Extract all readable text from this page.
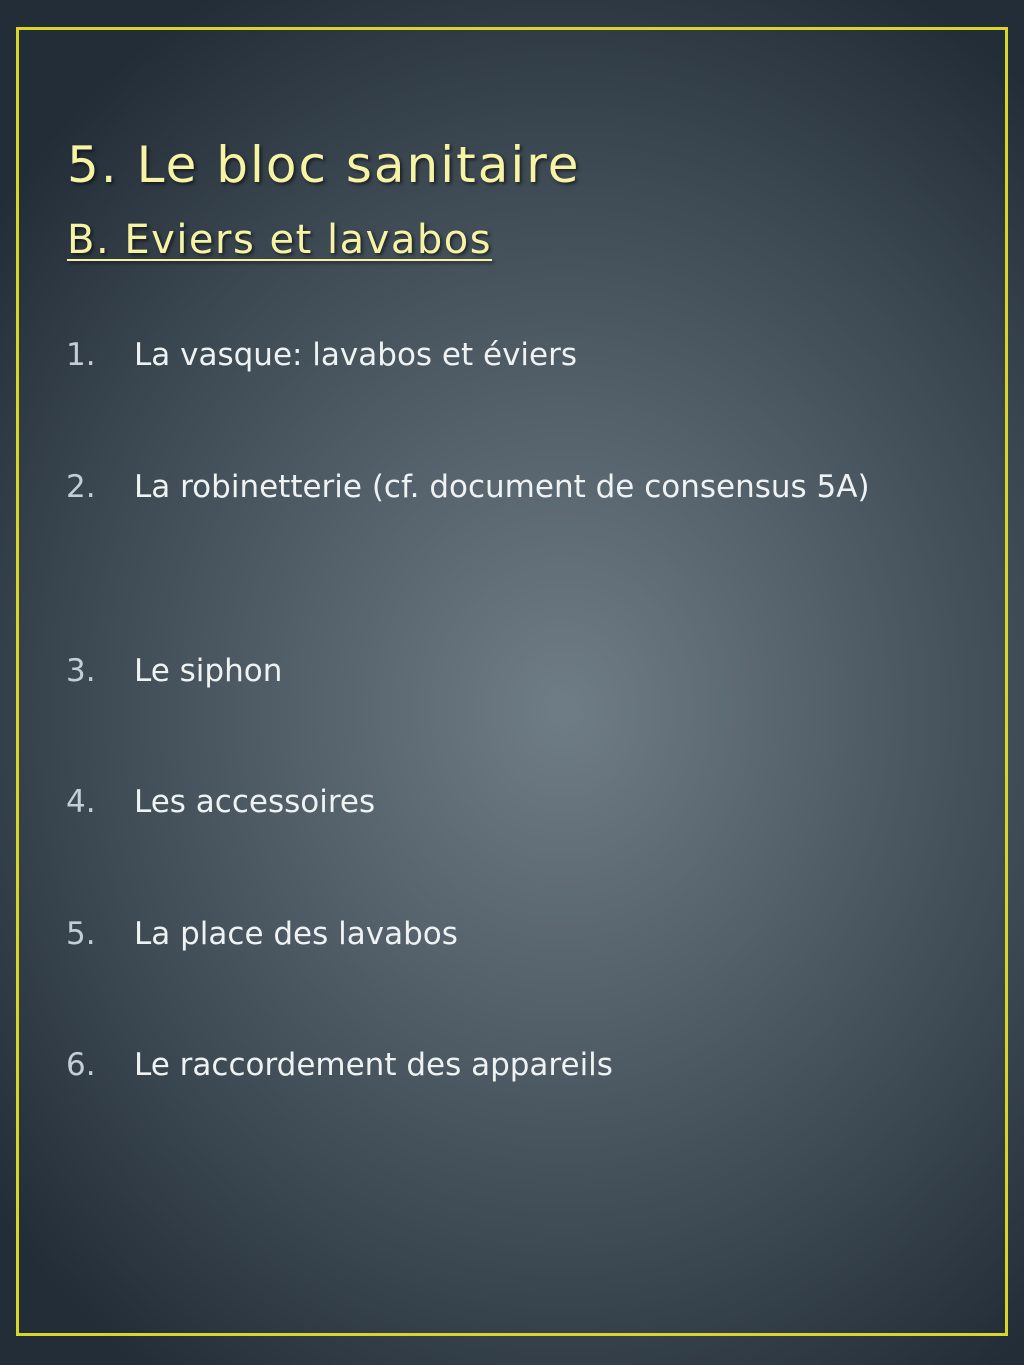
5. Le bloc sanitaire
B. Eviers et lavabos
1. La vasque: lavabos et éviers
2. La robinetterie (cf. document de consensus 5A)
3. Le siphon
4. Les accessoires
5. La place des lavabos
6. Le raccordement des appareils
